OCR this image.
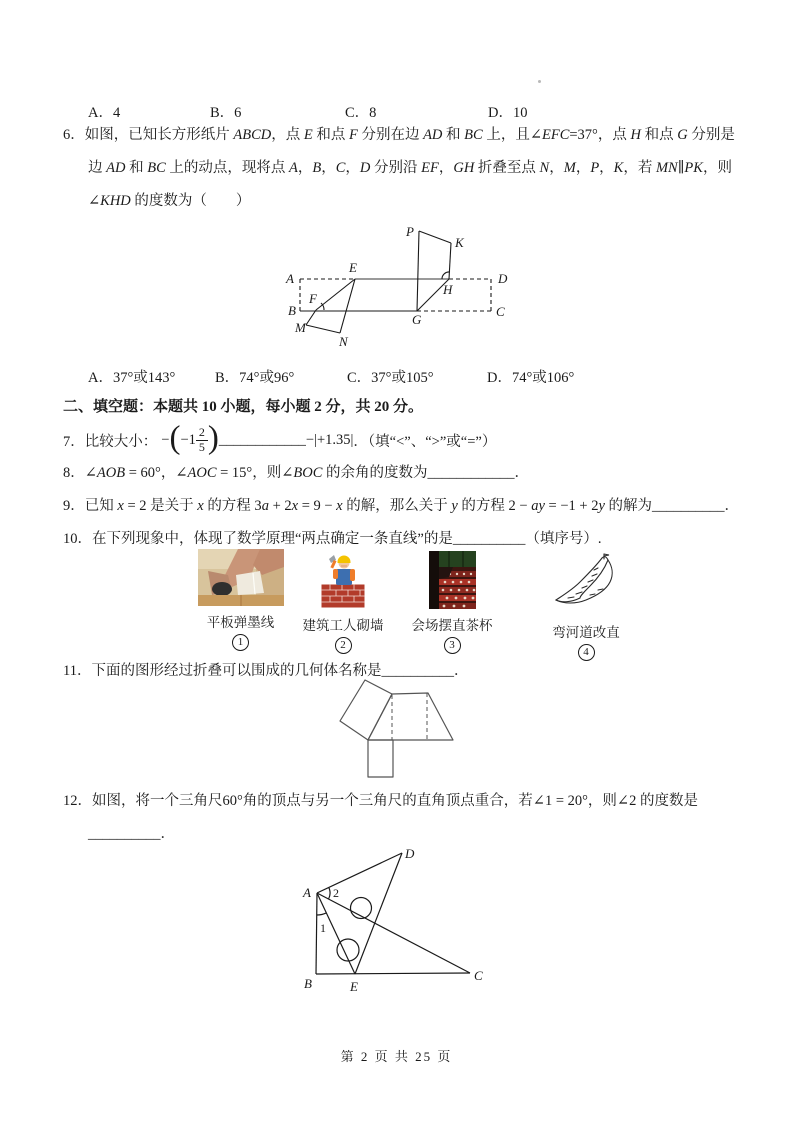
A．4	B．6	C．8	D．10
6．如图，已知长方形纸片 ABCD，点 E 和点 F 分别在边 AD 和 BC 上，且∠EFC=37°，点 H 和点 G 分别是
边 AD 和 BC 上的动点，现将点 A，B，C，D 分别沿 EF，GH 折叠至点 N，M，P，K，若 MN∥PK，则
∠KHD 的度数为（　　）
A
B	C
D
E
F
G
H
M
N
P
K
A．37°或143°	B．74°或96°	C．37°或105°	D．74°或106°
二、填空题：本题共 10 小题，每小题 2 分，共 20 分。
7．比较大小： − ( $-1 \frac{2}{5}$ ) ____________ −|+1.35| ．（填“<”、“>”或“=”）
8．∠AOB = 60°，∠AOC = 15°，则∠BOC 的余角的度数为____________．
9．已知 x = 2 是关于 x 的方程 3a + 2x = 9 − x 的解，那么关于 y 的方程 2 − ay = −1 + 2y 的解为__________．
10．在下列现象中，体现了数学原理“两点确定一条直线”的是__________（填序号）.
平板弹墨线
1
建筑工人砌墙
2
会场摆直茶杯
3
弯河道改直
4
11．下面的图形经过折叠可以围成的几何体名称是__________．
12．如图，将一个三角尺60°角的顶点与另一个三角尺的直角顶点重合，若∠1 = 20°，则∠2 的度数是
__________．
A
D
B	E
C
2
1
第 2 页 共 25 页
